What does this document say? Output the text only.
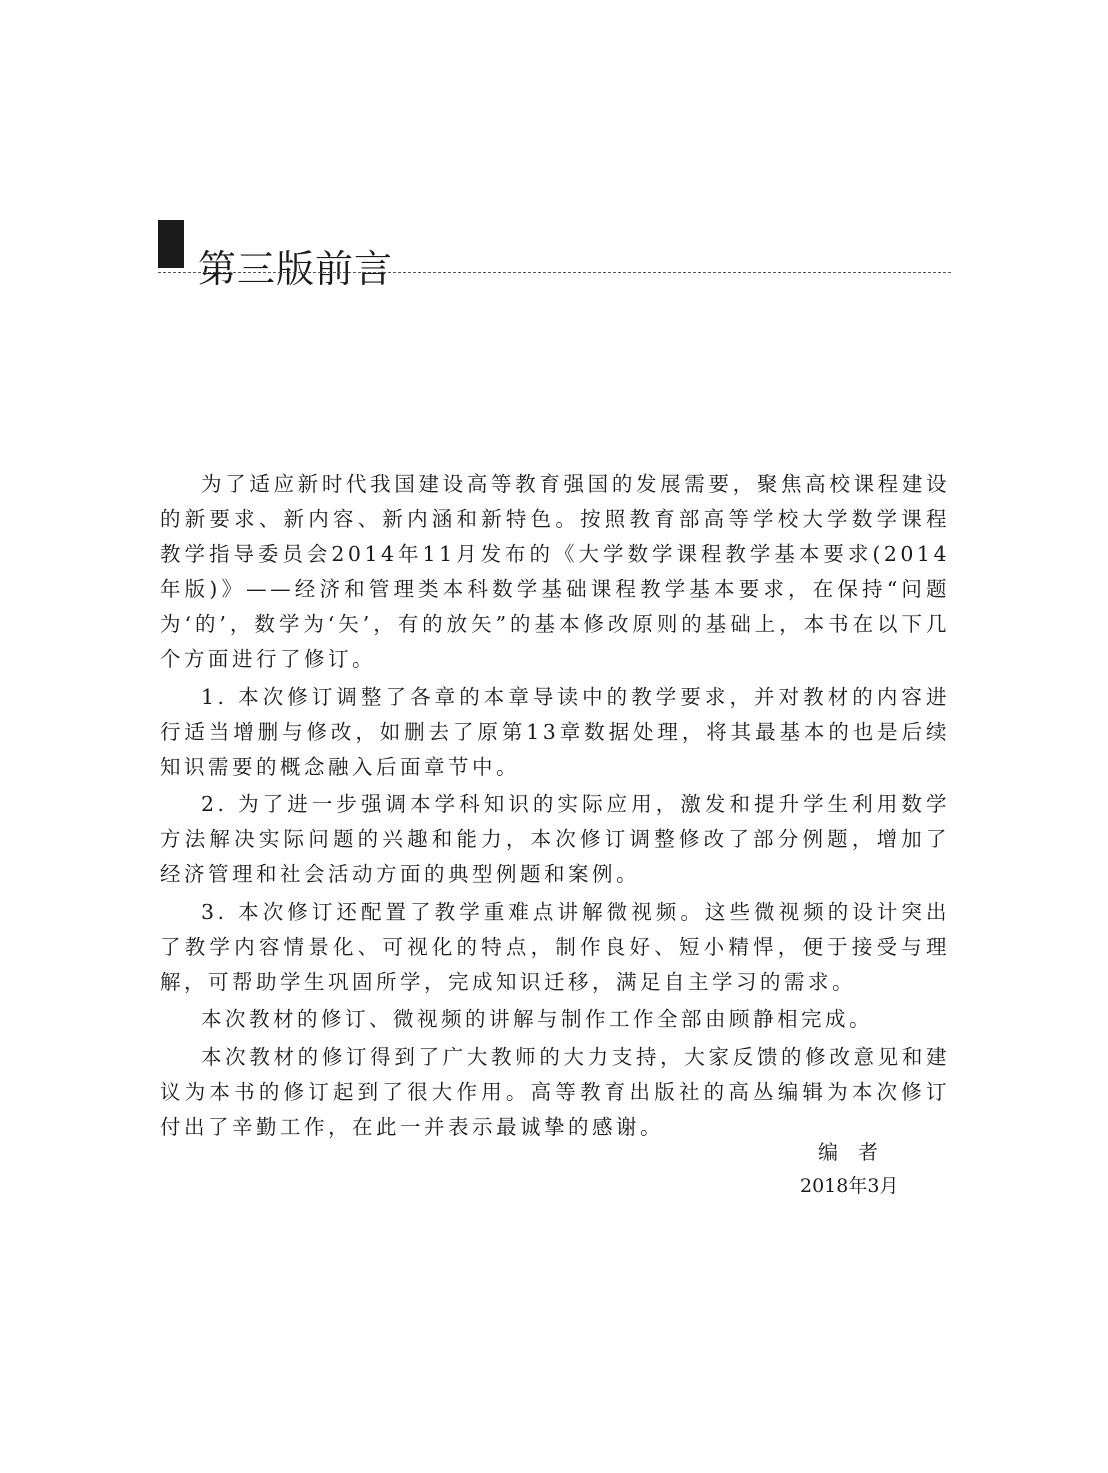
第三版前言

为了适应新时代我国建设高等教育强国的发展需要，聚焦高校课程建设的新要求、新内容、新内涵和新特色。按照教育部高等学校大学数学课程教学指导委员会2014年11月发布的《大学数学课程教学基本要求(2014年版)》——经济和管理类本科数学基础课程教学基本要求，在保持“问题为‘的’，数学为‘矢’，有的放矢”的基本修改原则的基础上，本书在以下几个方面进行了修订。

1. 本次修订调整了各章的本章导读中的教学要求，并对教材的内容进行适当增删与修改，如删去了原第13章数据处理，将其最基本的也是后续知识需要的概念融入后面章节中。

2. 为了进一步强调本学科知识的实际应用，激发和提升学生利用数学方法解决实际问题的兴趣和能力，本次修订调整修改了部分例题，增加了经济管理和社会活动方面的典型例题和案例。

3. 本次修订还配置了教学重难点讲解微视频。这些微视频的设计突出了教学内容情景化、可视化的特点，制作良好、短小精悍，便于接受与理解，可帮助学生巩固所学，完成知识迁移，满足自主学习的需求。

本次教材的修订、微视频的讲解与制作工作全部由顾静相完成。

本次教材的修订得到了广大教师的大力支持，大家反馈的修改意见和建议为本书的修订起到了很大作用。高等教育出版社的高丛编辑为本次修订付出了辛勤工作，在此一并表示最诚挚的感谢。

编者
2018年3月
